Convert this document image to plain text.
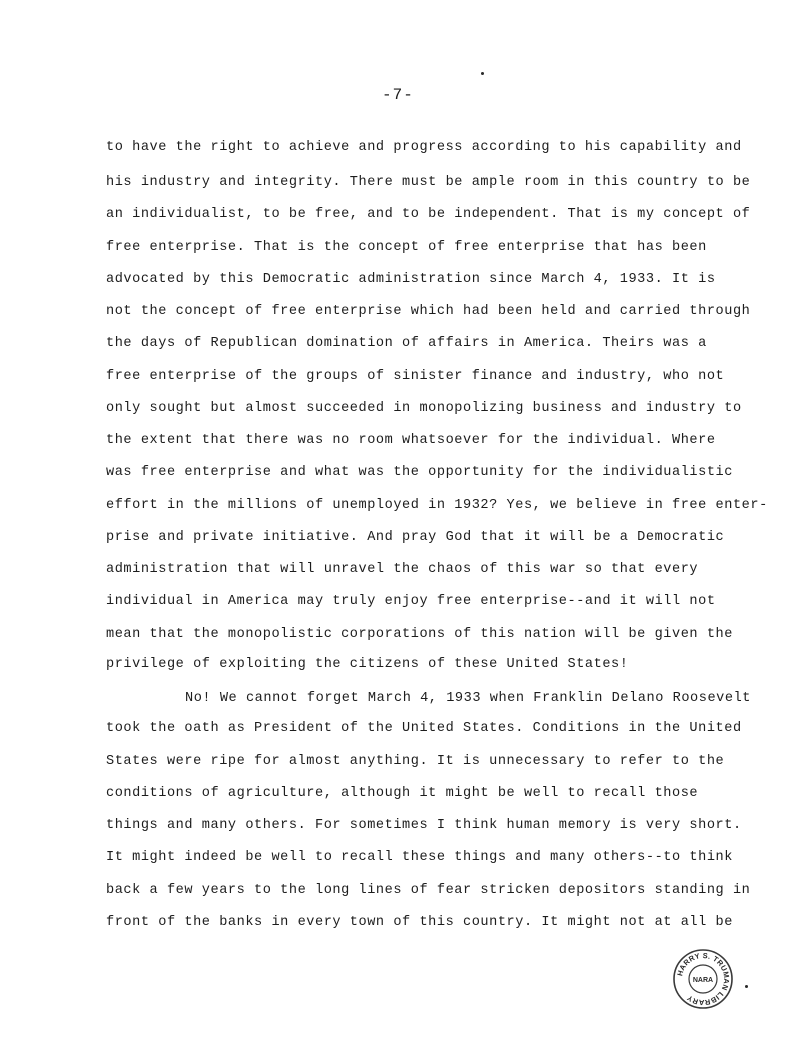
-7-
to have the right to achieve and progress according to his capability and
his industry and integrity. There must be ample room in this country to be
an individualist, to be free, and to be independent. That is my concept of
free enterprise. That is the concept of free enterprise that has been
advocated by this Democratic administration since March 4, 1933. It is
not the concept of free enterprise which had been held and carried through
the days of Republican domination of affairs in America. Theirs was a
free enterprise of the groups of sinister finance and industry, who not
only sought but almost succeeded in monopolizing business and industry to
the extent that there was no room whatsoever for the individual. Where
was free enterprise and what was the opportunity for the individualistic
effort in the millions of unemployed in 1932? Yes, we believe in free enter-
prise and private initiative. And pray God that it will be a Democratic
administration that will unravel the chaos of this war so that every
individual in America may truly enjoy free enterprise--and it will not
mean that the monopolistic corporations of this nation will be given the
privilege of exploiting the citizens of these United States!
No! We cannot forget March 4, 1933 when Franklin Delano Roosevelt
took the oath as President of the United States. Conditions in the United
States were ripe for almost anything. It is unnecessary to refer to the
conditions of agriculture, although it might be well to recall those
things and many others. For sometimes I think human memory is very short.
It might indeed be well to recall these things and many others--to think
back a few years to the long lines of fear stricken depositors standing in
front of the banks in every town of this country. It might not at all be
HARRY S. TRUMAN LIBRARY
NARA
